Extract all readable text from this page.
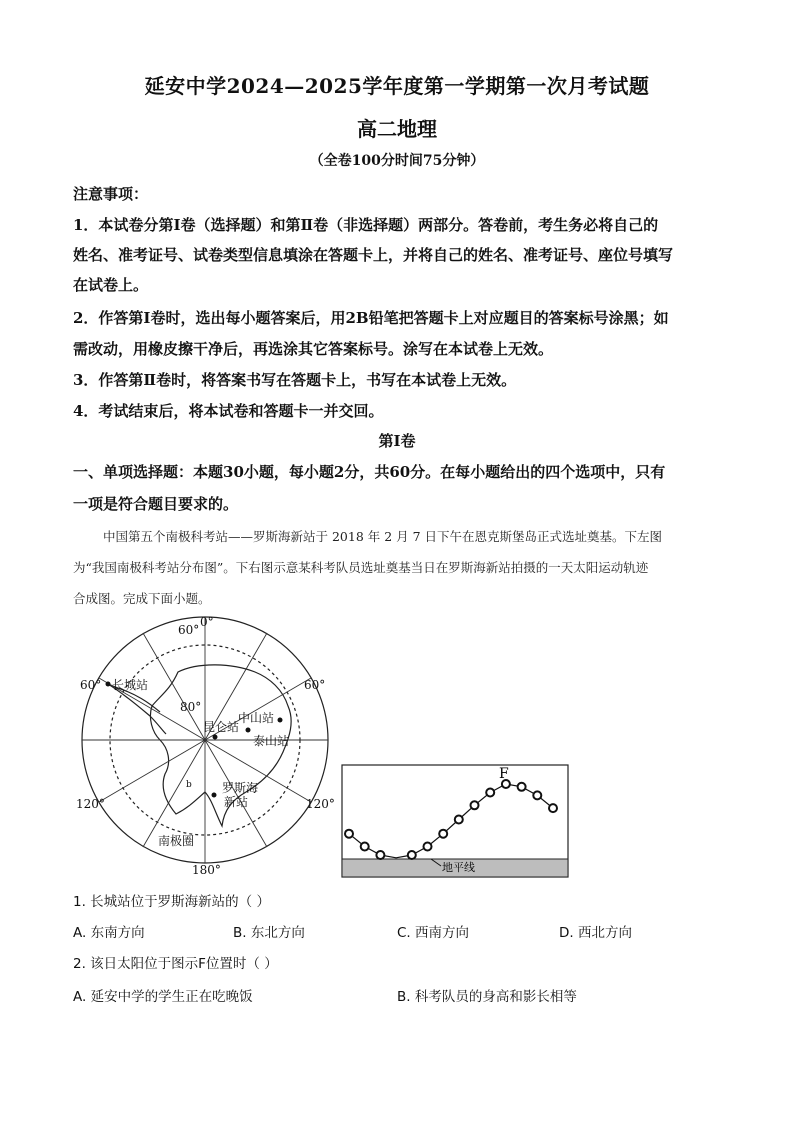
延安中学2024—2025学年度第一学期第一次月考试题
高二地理
（全卷100分时间75分钟）
注意事项：
1．本试卷分第Ⅰ卷（选择题）和第Ⅱ卷（非选择题）两部分。答卷前，考生务必将自己的
姓名、准考证号、试卷类型信息填涂在答题卡上，并将自己的姓名、准考证号、座位号填写
在试卷上。
2．作答第Ⅰ卷时，选出每小题答案后，用2B铅笔把答题卡上对应题目的答案标号涂黑；如
需改动，用橡皮擦干净后，再选涂其它答案标号。涂写在本试卷上无效。
3．作答第Ⅱ卷时，将答案书写在答题卡上，书写在本试卷上无效。
4．考试结束后，将本试卷和答题卡一并交回。
第Ⅰ卷
一、单项选择题：本题30小题，每小题2分，共60分。在每小题给出的四个选项中，只有
一项是符合题目要求的。
中国第五个南极科考站——罗斯海新站于 2018 年 2 月 7 日下午在恩克斯堡岛正式选址奠基。下左图
为“我国南极科考站分布图”。下右图示意某科考队员选址奠基当日在罗斯海新站拍摄的一天太阳运动轨迹
合成图。完成下面小题。
0°
60°
60°	60°
80°
120°	120°
180°
长城站
中山站
昆仑站
泰山站
罗斯海
新站
南极圈
b
F
地平线
1. 长城站位于罗斯海新站的（ ）
A. 东南方向	B. 东北方向	C. 西南方向	D. 西北方向
2. 该日太阳位于图示F位置时（ ）
A. 延安中学的学生正在吃晚饭	B. 科考队员的身高和影长相等
